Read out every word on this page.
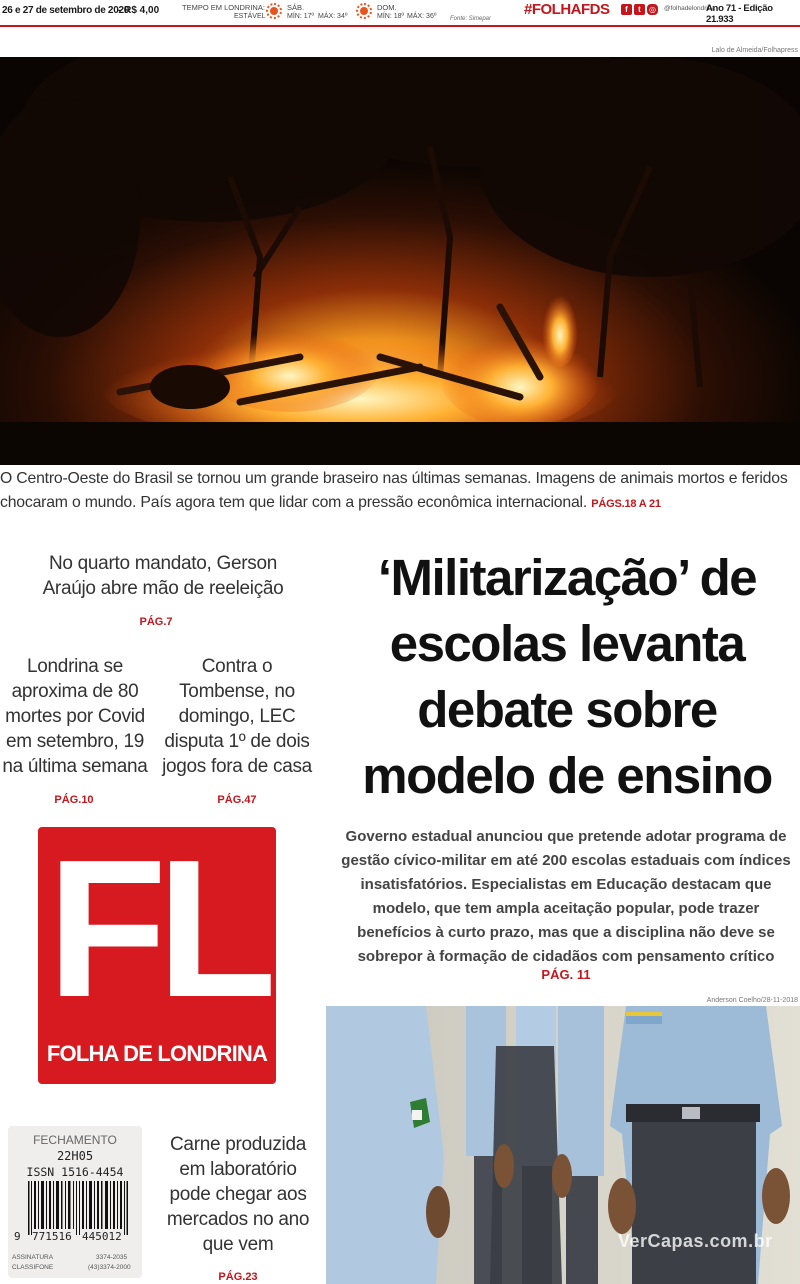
26 e 27 de setembro de 2020
- R$ 4,00	TEMPO EM LONDRINA:
ESTÁVEL
SÁB.
MÍN: 17º MÁX: 34º
DOM.
MÍN: 18º MÁX: 36º Fonte: Simepar
#FOLHAFDS	f	t	◎	@folhadelondrina
Ano 71 - Edição 21.933
Lalo de Almeida/Folhapress
O Centro-Oeste do Brasil se tornou um grande braseiro nas últimas semanas. Imagens de animais mortos e feridos chocaram o mundo. País agora tem que lidar com a pressão econômica internacional. PÁGS.18 A 21
No quarto mandato, Gerson Araújo abre mão de reeleição
PÁG.7
Londrina se aproxima de 80 mortes por Covid em setembro, 19 na última semana
PÁG.10
Contra o Tombense, no domingo, LEC disputa 1º de dois jogos fora de casa
PÁG.47
‘Militarização’ de escolas levanta debate sobre modelo de ensino
Governo estadual anunciou que pretende adotar programa de gestão cívico-militar em até 200 escolas estaduais com índices insatisfatórios. Especialistas em Educação destacam que modelo, que tem ampla aceitação popular, pode trazer benefícios à curto prazo, mas que a disciplina não deve se sobrepor à formação de cidadãos com pensamento crítico
PÁG. 11
FL
FOLHA DE LONDRINA
FECHAMENTO
22H05
ISSN 1516-4454
9 771516 445012
ASSINATURA	3374-2035
CLASSIFONE	(43)3374-2000
Carne produzida em laboratório pode chegar aos mercados no ano que vem
PÁG.23
Anderson Coelho/28-11-2018
VerCapas.com.br
